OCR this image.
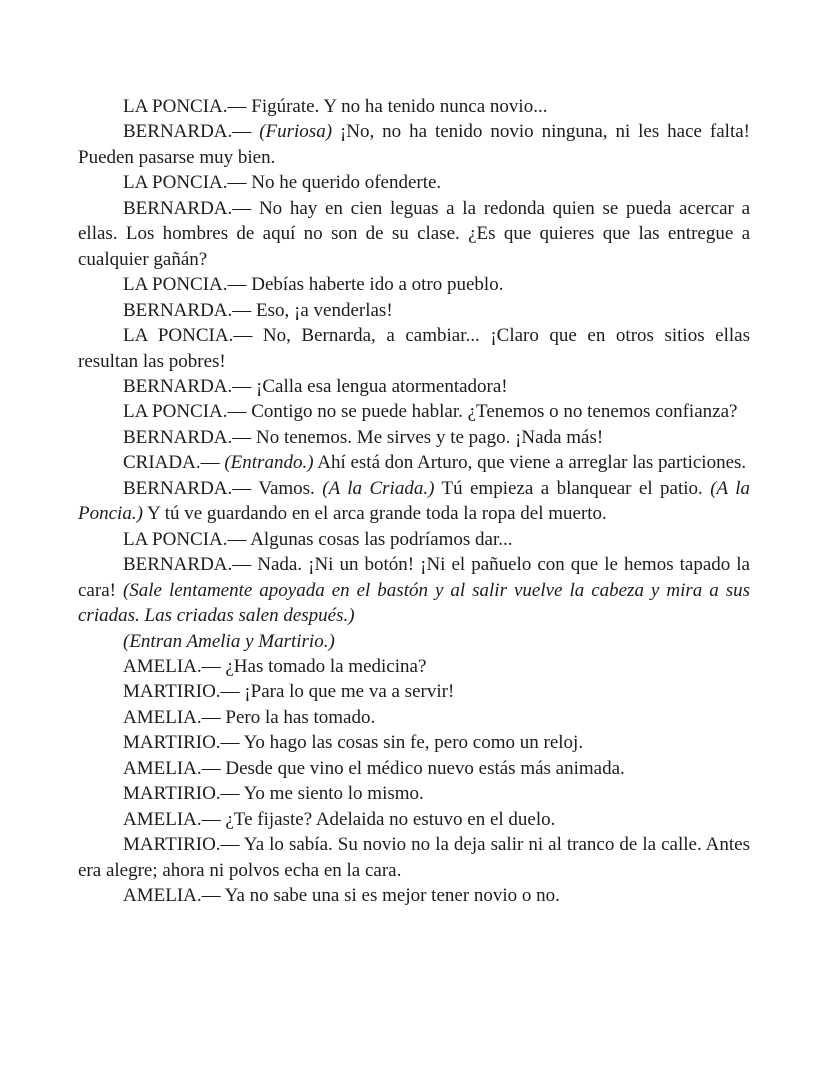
LA PONCIA.— Figúrate. Y no ha tenido nunca novio...

BERNARDA.— (Furiosa) ¡No, no ha tenido novio ninguna, ni les hace falta! Pueden pasarse muy bien.

LA PONCIA.— No he querido ofenderte.

BERNARDA.— No hay en cien leguas a la redonda quien se pueda acercar a ellas. Los hombres de aquí no son de su clase. ¿Es que quieres que las entregue a cualquier gañán?

LA PONCIA.— Debías haberte ido a otro pueblo.

BERNARDA.— Eso, ¡a venderlas!

LA PONCIA.— No, Bernarda, a cambiar... ¡Claro que en otros sitios ellas resultan las pobres!

BERNARDA.— ¡Calla esa lengua atormentadora!

LA PONCIA.— Contigo no se puede hablar. ¿Tenemos o no tenemos confianza?

BERNARDA.— No tenemos. Me sirves y te pago. ¡Nada más!

CRIADA.— (Entrando.) Ahí está don Arturo, que viene a arreglar las particiones.

BERNARDA.— Vamos. (A la Criada.) Tú empieza a blanquear el patio. (A la Poncia.) Y tú ve guardando en el arca grande toda la ropa del muerto.

LA PONCIA.— Algunas cosas las podríamos dar...

BERNARDA.— Nada. ¡Ni un botón! ¡Ni el pañuelo con que le hemos tapado la cara! (Sale lentamente apoyada en el bastón y al salir vuelve la cabeza y mira a sus criadas. Las criadas salen después.)

(Entran Amelia y Martirio.)

AMELIA.— ¿Has tomado la medicina?

MARTIRIO.— ¡Para lo que me va a servir!

AMELIA.— Pero la has tomado.

MARTIRIO.— Yo hago las cosas sin fe, pero como un reloj.

AMELIA.— Desde que vino el médico nuevo estás más animada.

MARTIRIO.— Yo me siento lo mismo.

AMELIA.— ¿Te fijaste? Adelaida no estuvo en el duelo.

MARTIRIO.— Ya lo sabía. Su novio no la deja salir ni al tranco de la calle. Antes era alegre; ahora ni polvos echa en la cara.

AMELIA.— Ya no sabe una si es mejor tener novio o no.
